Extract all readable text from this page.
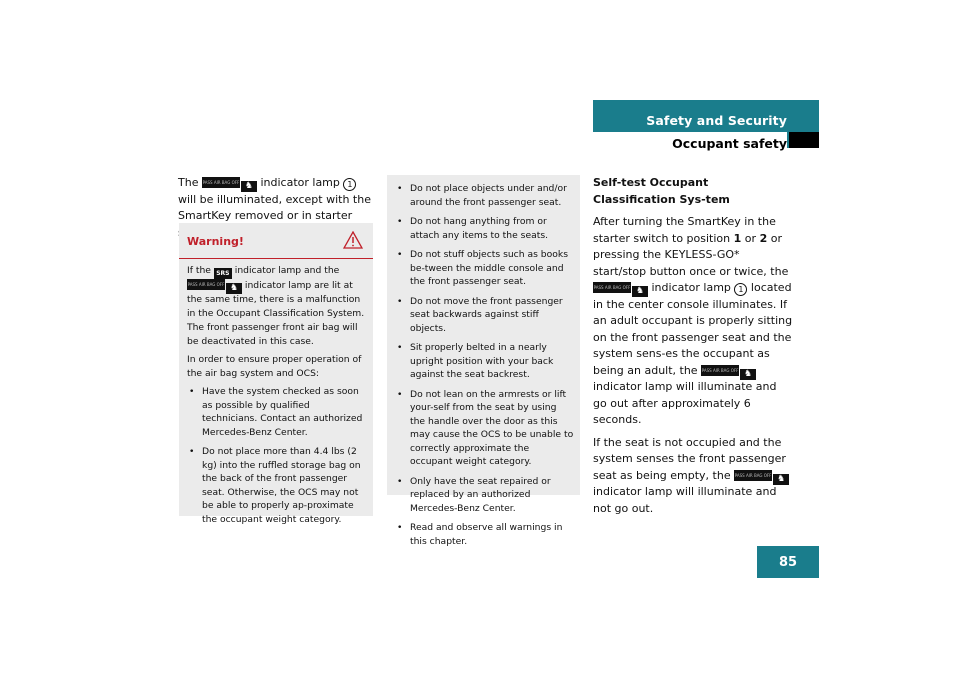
Safety and Security
Occupant safety

The PASS AIR BAG OFF ♞ indicator lamp 1 will be illuminated, except with the SmartKey removed or in starter

Warning!

If the SRS indicator lamp and the PASS AIR BAG OFF ♞ indicator lamp are lit at the same time, there is a malfunction in the Occupant Classification System. The front passenger front air bag will be deactivated in this case.

In order to ensure proper operation of the air bag system and OCS:

• Have the system checked as soon as possible by qualified technicians. Contact an authorized Mercedes-Benz Center.
• Do not place more than 4.4 lbs (2 kg) into the ruffled storage bag on the back of the front passenger seat. Otherwise, the OCS may not be able to properly ap-proximate the occupant weight category.
• Do not place objects under and/or around the front passenger seat.
• Do not hang anything from or attach any items to the seats.
• Do not stuff objects such as books be-tween the middle console and the front passenger seat.
• Do not move the front passenger seat backwards against stiff objects.
• Sit properly belted in a nearly upright position with your back against the seat backrest.
• Do not lean on the armrests or lift your-self from the seat by using the handle over the door as this may cause the OCS to be unable to correctly approximate the occupant weight category.
• Only have the seat repaired or replaced by an authorized Mercedes-Benz Center.
• Read and observe all warnings in this chapter.

Self-test Occupant Classification Sys-tem

After turning the SmartKey in the starter switch to position 1 or 2 or pressing the KEYLESS-GO* start/stop button once or twice, the PASS AIR BAG OFF ♞ indicator lamp 1 located in the center console illuminates. If an adult occupant is properly sitting on the front passenger seat and the system sens-es the occupant as being an adult, the PASS AIR BAG OFF ♞ indicator lamp will illuminate and go out after approximately 6 seconds.

If the seat is not occupied and the system senses the front passenger seat as being empty, the PASS AIR BAG OFF ♞ indicator lamp will illuminate and not go out.

85
